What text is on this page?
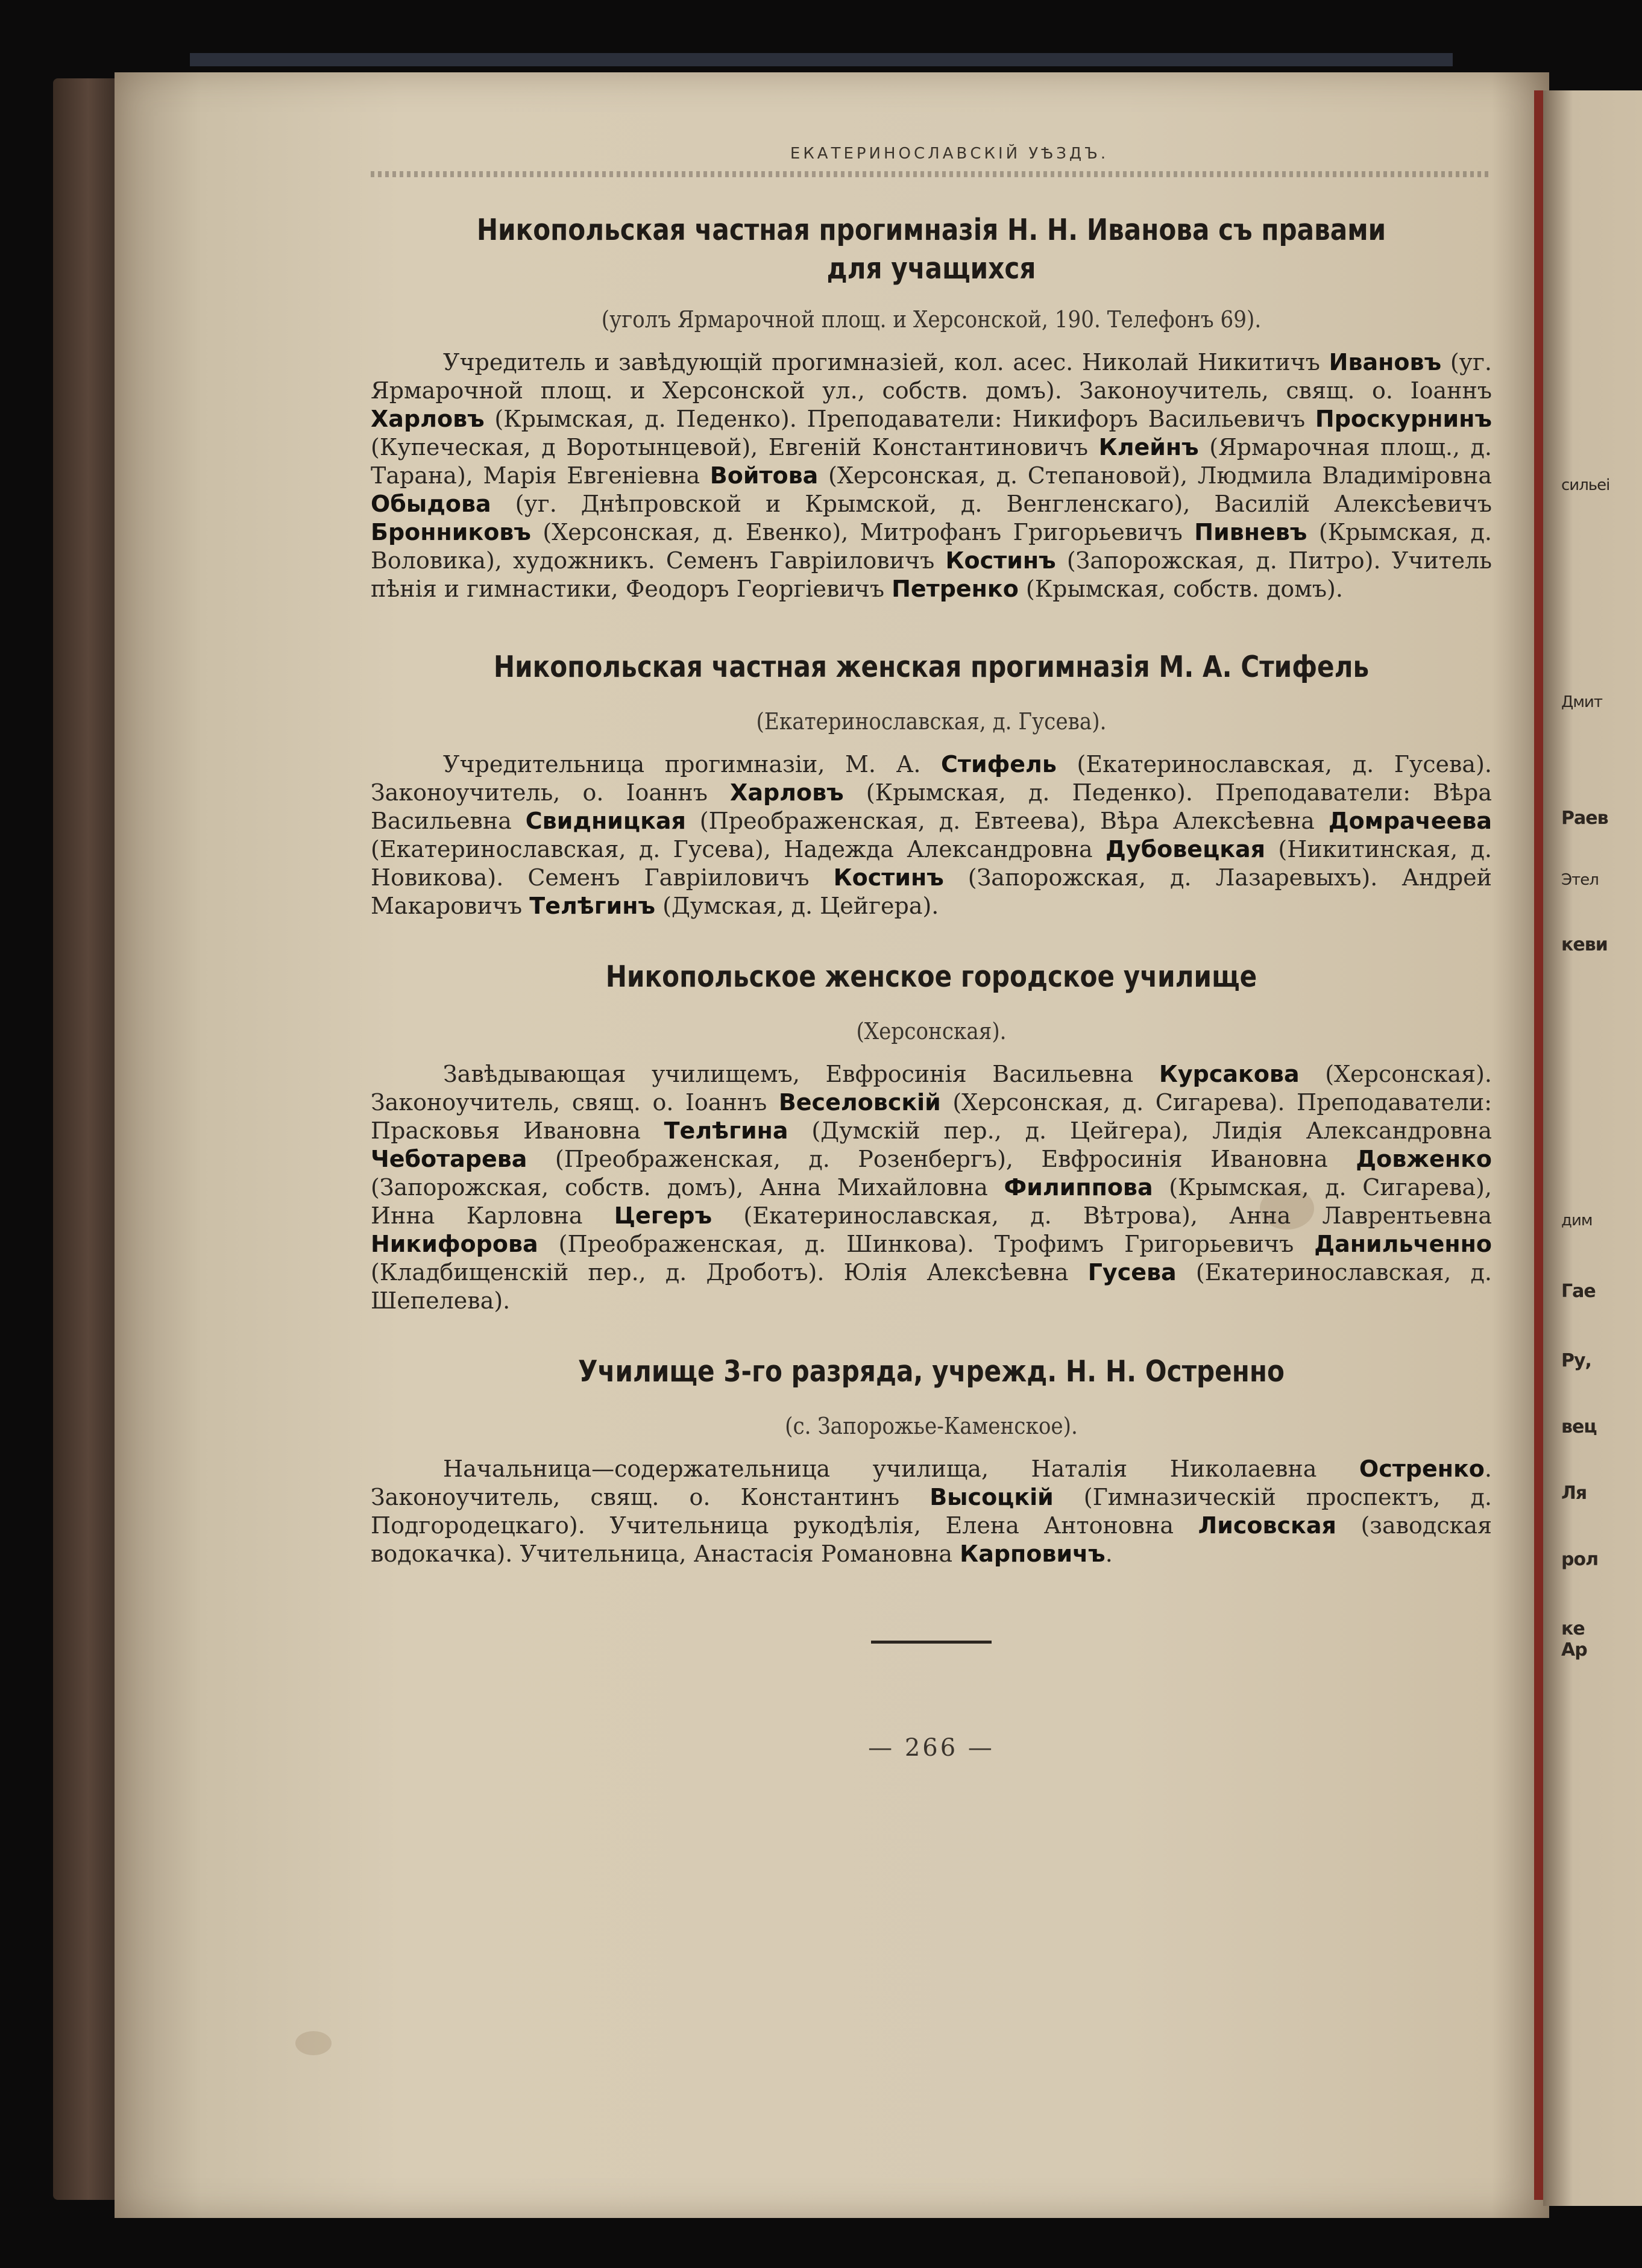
сильеі
Дмит
Раев
Этел
кеви
дим
Гае
Ру,
вец
Ля
рол
ке
Ар
ЕКАТЕРИНОСЛАВСКІЙ УѢЗДЪ.
Никопольская частная прогимназія Н. Н. Иванова съ правами
для учащихся

(уголъ Ярмарочной площ. и Херсонской, 190. Телефонъ 69).

Учредитель и завѣдующій прогимназіей, кол. асес. Николай Никитичъ Ивановъ (уг. Ярмарочной площ. и Херсонской ул., собств. домъ). Законоучитель, свящ. о. Іоаннъ Харловъ (Крымская, д. Педенко). Преподаватели: Никифоръ Васильевичъ Проскурнинъ (Купеческая, д Воротынцевой), Евгеній Константиновичъ Клейнъ (Ярмарочная площ., д. Тарана), Марія Евгеніевна Войтова (Херсонская, д. Степановой), Людмила Владиміровна Обыдова (уг. Днѣпровской и Крымской, д. Венгленскаго), Василій Алексѣевичъ Бронниковъ (Херсонская, д. Евенко), Митрофанъ Григорьевичъ Пивневъ (Крымская, д. Воловика), художникъ. Семенъ Гавріиловичъ Костинъ (Запорожская, д. Питро). Учитель пѣнія и гимнастики, Феодоръ Георгіевичъ Петренко (Крымская, собств. домъ).

Никопольская частная женская прогимназія М. А. Стифель

(Екатеринославская, д. Гусева).

Учредительница прогимназіи, М. А. Стифель (Екатеринославская, д. Гусева). Законоучитель, о. Іоаннъ Харловъ (Крымская, д. Педенко). Преподаватели: Вѣра Васильевна Свидницкая (Преображенская, д. Евтеева), Вѣра Алексѣевна Домрачеева (Екатеринославская, д. Гусева), Надежда Александровна Дубовецкая (Никитинская, д. Новикова). Семенъ Гавріиловичъ Костинъ (Запорожская, д. Лазаревыхъ). Андрей Макаровичъ Телѣгинъ (Думская, д. Цейгера).

Никопольское женское городское училище

(Херсонская).

Завѣдывающая училищемъ, Евфросинія Васильевна Курсакова (Херсонская). Законоучитель, свящ. о. Іоаннъ Веселовскій (Херсонская, д. Сигарева). Преподаватели: Прасковья Ивановна Телѣгина (Думскій пер., д. Цейгера), Лидія Александровна Чеботарева (Преображенская, д. Розенбергъ), Евфросинія Ивановна Довженко (Запорожская, собств. домъ), Анна Михайловна Филиппова (Крымская, д. Сигарева), Инна Карловна Цегеръ (Екатеринославская, д. Вѣтрова), Анна Лаврентьевна Никифорова (Преображенская, д. Шинкова). Трофимъ Григорьевичъ Данильченно (Кладбищенскій пер., д. Дроботъ). Юлія Алексѣевна Гусева (Екатеринославская, д. Шепелева).

Училище 3-го разряда, учрежд. Н. Н. Остренно

(с. Запорожье-Каменское).

Начальница—содержательница училища, Наталія Николаевна Остренко. Законоучитель, свящ. о. Константинъ Высоцкій (Гимназическій проспектъ, д. Подгородецкаго). Учительница рукодѣлія, Елена Антоновна Лисовская (заводская водокачка). Учительница, Анастасія Романовна Карповичъ.

— 266 —
